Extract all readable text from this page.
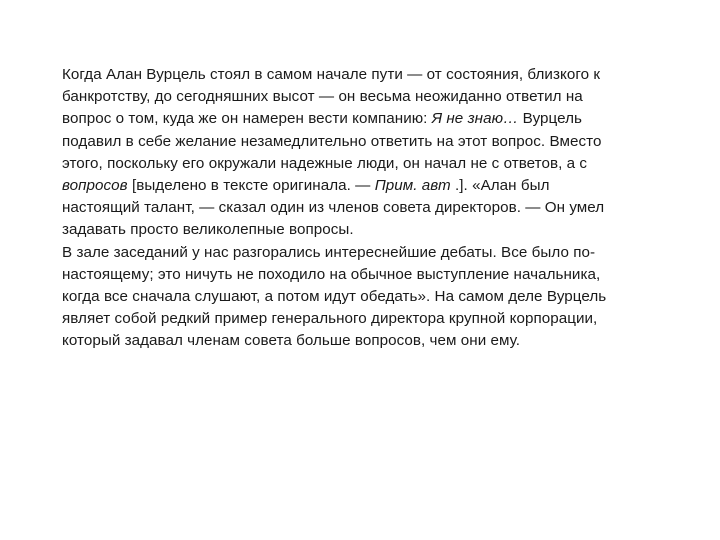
Когда Алан Вурцель стоял в самом начале пути — от состояния, близкого к
банкротству, до сегодняшних высот — он весьма неожиданно ответил на
вопрос о том, куда же он намерен вести компанию: Я не знаю… Вурцель
подавил в себе желание незамедлительно ответить на этот вопрос. Вместо
этого, поскольку его окружали надежные люди, он начал не с ответов, а с
вопросов [выделено в тексте оригинала. — Прим. авт .]. «Алан был
настоящий талант, — сказал один из членов совета директоров. — Он умел
задавать просто великолепные вопросы.
В зале заседаний у нас разгорались интереснейшие дебаты. Все было по-
настоящему; это ничуть не походило на обычное выступление начальника,
когда все сначала слушают, а потом идут обедать». На самом деле Вурцель
являет собой редкий пример генерального директора крупной корпорации,
который задавал членам совета больше вопросов, чем они ему.
